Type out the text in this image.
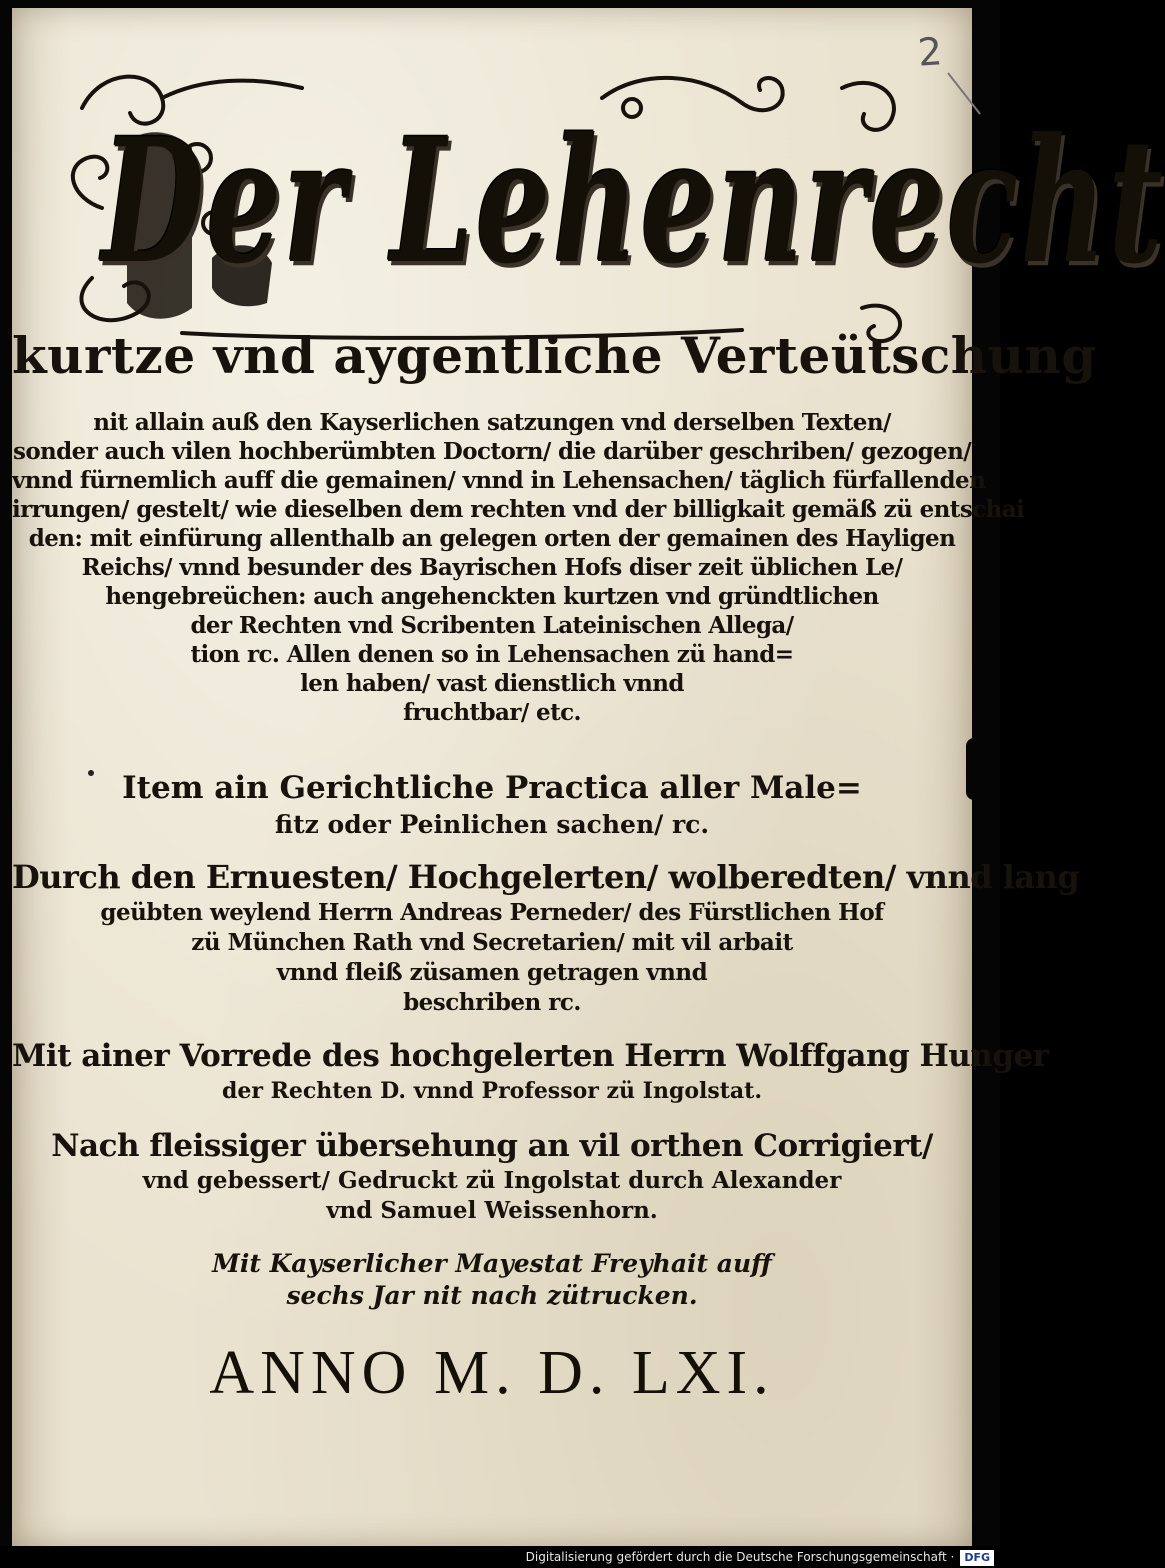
2
Der Lehenrecht
kurtze vnd aygentliche Verteütschung
nit allain auß den Kayserlichen satzungen vnd derselben Texten/
sonder auch vilen hochberümbten Doctorn/ die darüber geschriben/ gezogen/
vnnd fürnemlich auff die gemainen/ vnnd in Lehensachen/ täglich fürfallenden
irrungen/ gestelt/ wie dieselben dem rechten vnd der billigkait gemäß zü entschai
den: mit einfürung allenthalb an gelegen orten der gemainen des Hayligen
Reichs/ vnnd besunder des Bayrischen Hofs diser zeit üblichen Le/
hengebreüchen: auch angehenckten kurtzen vnd gründtlichen
der Rechten vnd Scribenten Lateinischen Allega/
tion rc. Allen denen so in Lehensachen zü hand=
len haben/ vast dienstlich vnnd
fruchtbar/ etc.
Item ain Gerichtliche Practica aller Male=
fitz oder Peinlichen sachen/ rc.
Durch den Ernuesten/ Hochgelerten/ wolberedten/ vnnd lang
geübten weylend Herrn Andreas Perneder/ des Fürstlichen Hof
zü München Rath vnd Secretarien/ mit vil arbait
vnnd fleiß züsamen getragen vnnd
beschriben rc.
Mit ainer Vorrede des hochgelerten Herrn Wolffgang Hunger
der Rechten D. vnnd Professor zü Ingolstat.
Nach fleissiger übersehung an vil orthen Corrigiert/
vnd gebessert/ Gedruckt zü Ingolstat durch Alexander
vnd Samuel Weissenhorn.
Mit Kayserlicher Mayestat Freyhait auff
sechs Jar nit nach zütrucken.
ANNO M. D. LXI.
Digitalisierung gefördert durch die Deutsche Forschungsgemeinschaft · DFG
